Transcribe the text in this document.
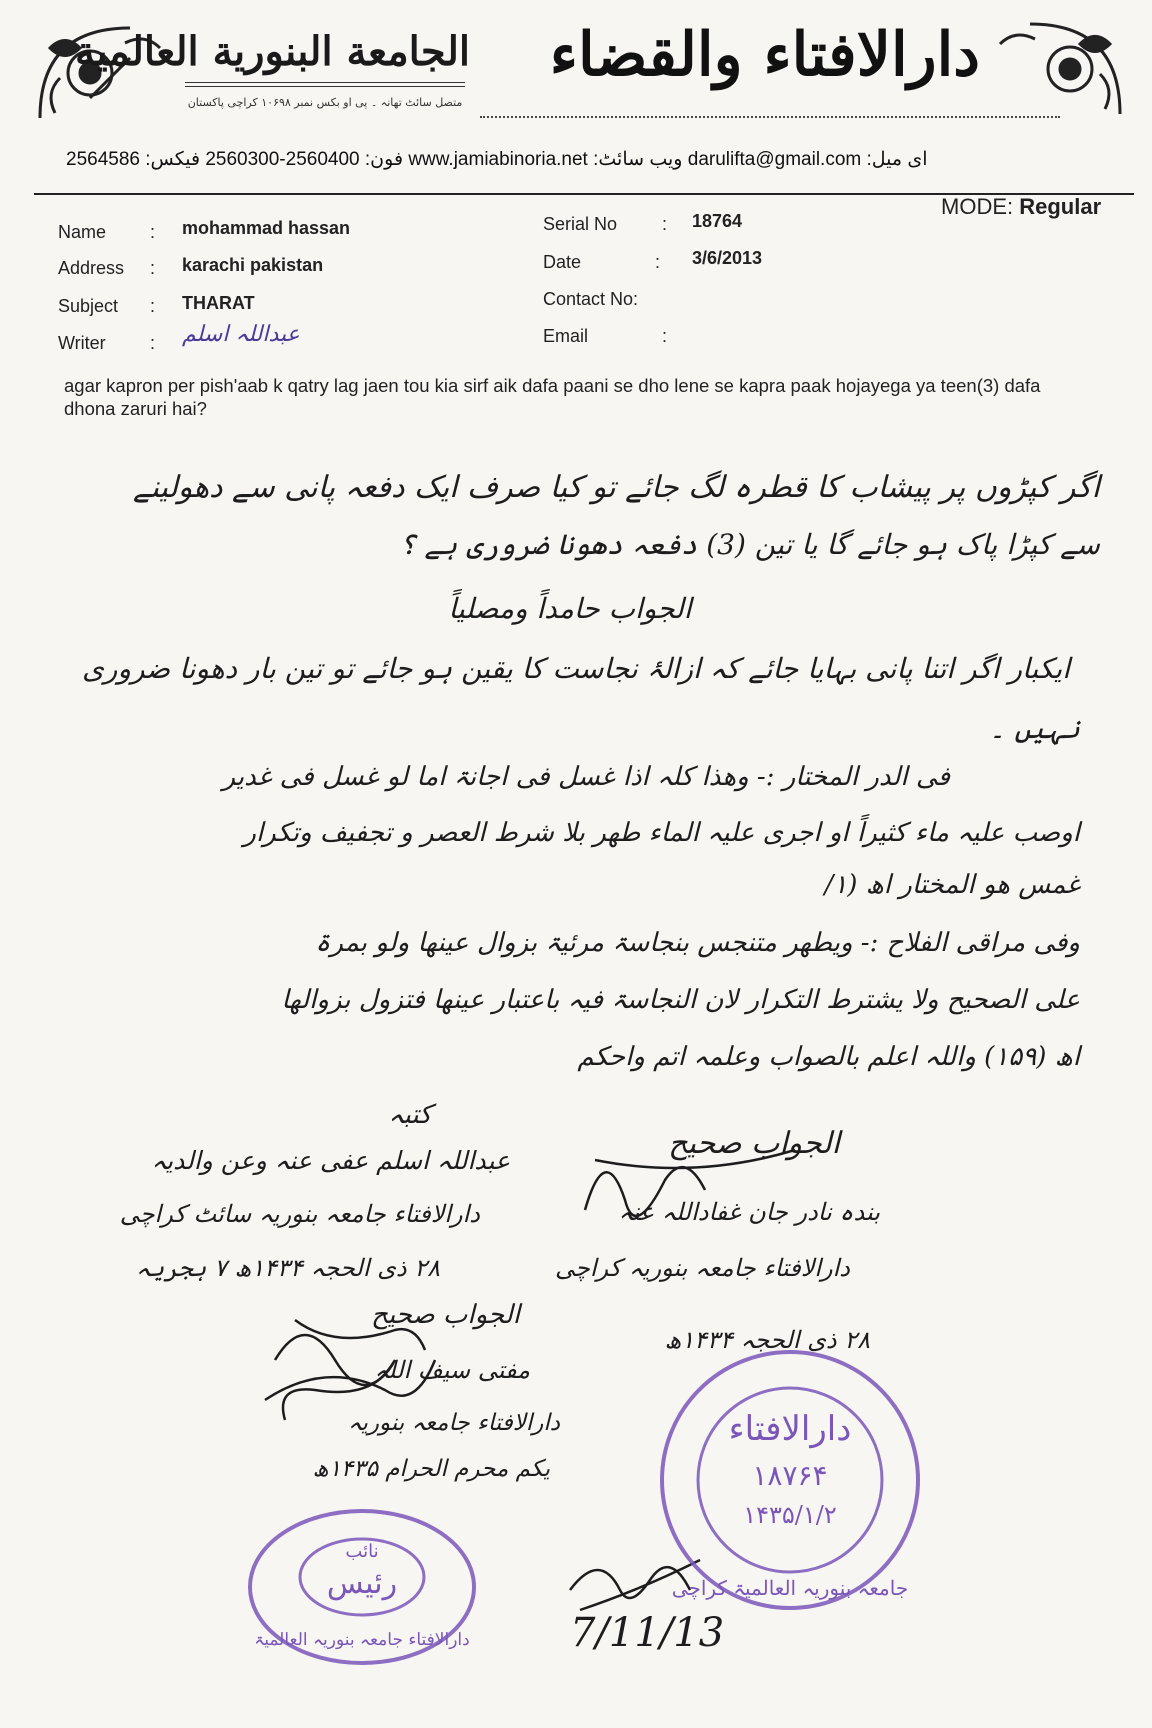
الجامعة البنورية العالمية
متصل سائٹ تھانہ ۔ پی او بکس نمبر ۱۰۶۹۸ کراچی پاکستان
دارالافتاء والقضاء
ای میل: darulifta@gmail.com ویب سائٹ: www.jamiabinoria.net فون: 2560300-2560400 فیکس: 2564586
MODE: Regular
Name : mohammad hassan
Address : karachi pakistan
Subject : THARAT
Writer : عبداللہ اسلم
Serial No : 18764
Date	: 3/6/2013
Contact No:
Email	:
agar kapron per pish'aab k qatry lag jaen tou kia sirf aik dafa paani se dho lene se kapra paak hojayega ya teen(3) dafa dhona zaruri hai?
اگر کپڑوں پر پیشاب کا قطرہ لگ جائے تو کیا صرف ایک دفعہ پانی سے دھولینے
سے کپڑا پاک ہو جائے گا یا تین (3) دفعہ دھونا ضروری ہے ؟
الجواب حامداً ومصلیاً
ایکبار اگر اتنا پانی بہایا جائے کہ ازالۂ نجاست کا یقین ہو جائے تو تین بار دھونا ضروری
نہیں ۔
فی الدر المختار :- وھذا کلہ اذا غسل فی اجانۃ اما لو غسل فی غدیر
اوصب علیہ ماء کثیراً او اجری علیہ الماء طھر بلا شرط العصر و تجفیف وتکرار
غمس ھو المختار اھ (۱/
وفی مراقی الفلاح :- ویطھر متنجس بنجاسۃ مرئیۃ بزوال عینھا ولو بمرۃ
علی الصحیح ولا یشترط التکرار لان النجاسۃ فیہ باعتبار عینھا فتزول بزوالھا
اھ (۱۵۹) واللہ اعلم بالصواب وعلمہ اتم واحکم
کتبہ
عبداللہ اسلم عفی عنہ وعن والدیہ
دارالافتاء جامعہ بنوریہ سائٹ کراچی
۲۸ ذی الحجہ ۱۴۳۴ھ ۷ ہجریہ
الجواب صحیح
بندہ نادر جان غفاداللہ عنہ
دارالافتاء جامعہ بنوریہ کراچی
۲۸ ذی الحجہ ۱۴۳۴ھ
الجواب صحیح
مفتی سیف اللہ
دارالافتاء جامعہ بنوریہ
یکم محرم الحرام ۱۴۳۵ھ
7/11/13
دارالافتاء
۱۸۷۶۴
۱۴۳۵/۱/۲
جامعہ بنوریہ العالمیۃ کراچی
نائب
رئیس
دارالافتاء جامعہ بنوریہ العالمیۃ
